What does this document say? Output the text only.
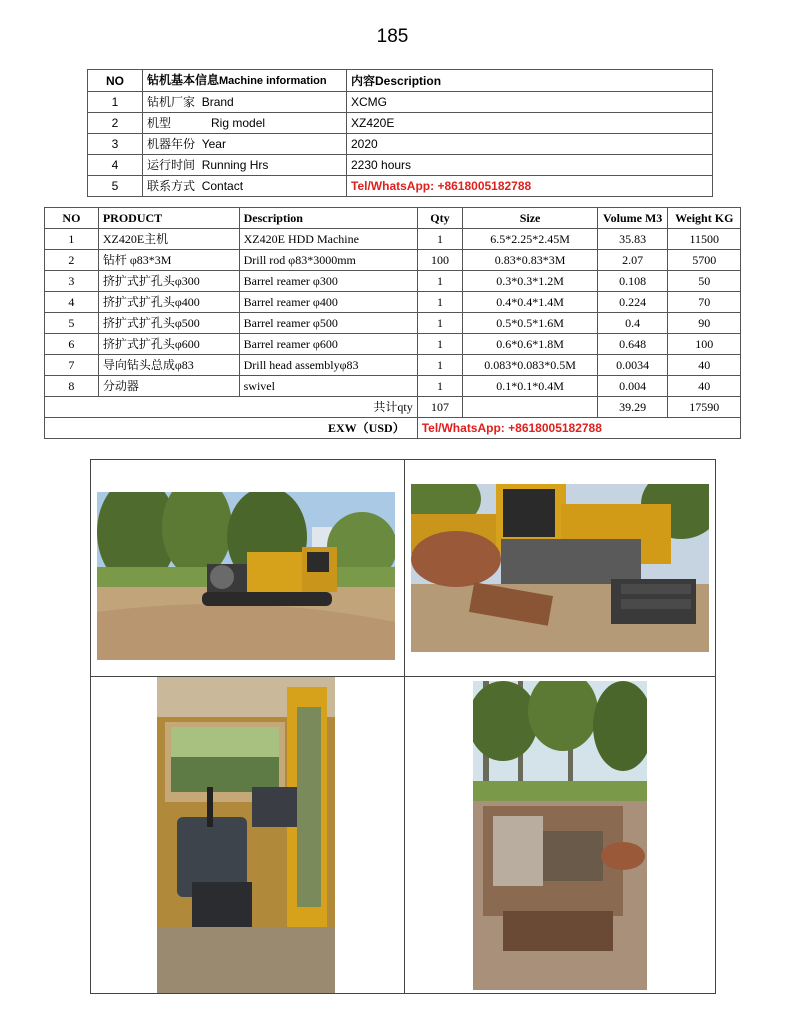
185
NO	钻机基本信息Machine information	内容Description
1	钻机厂家 Brand	XCMG
2	机型 Rig model	XZ420E
3	机器年份 Year	2020
4	运行时间 Running Hrs	2230 hours
5	联系方式 Contact	Tel/WhatsApp: +8618005182788
NO	PRODUCT	Description	Qty	Size	Volume M3	Weight KG
1	XZ420E主机	XZ420E HDD Machine	1	6.5*2.25*2.45M	35.83	11500
2	钻杆 φ83*3M	Drill rod φ83*3000mm	100	0.83*0.83*3M	2.07	5700
3	挤扩式扩孔头φ300	Barrel reamer φ300	1	0.3*0.3*1.2M	0.108	50
4	挤扩式扩孔头φ400	Barrel reamer φ400	1	0.4*0.4*1.4M	0.224	70
5	挤扩式扩孔头φ500	Barrel reamer φ500	1	0.5*0.5*1.6M	0.4	90
6	挤扩式扩孔头φ600	Barrel reamer φ600	1	0.6*0.6*1.8M	0.648	100
7	导向钻头总成φ83	Drill head assemblyφ83	1	0.083*0.083*0.5M	0.0034	40
8	分动器	swivel	1	0.1*0.1*0.4M	0.004	40
	共计qty		107		39.29	17590
EXW（USD）			Tel/WhatsApp: +8618005182788			
